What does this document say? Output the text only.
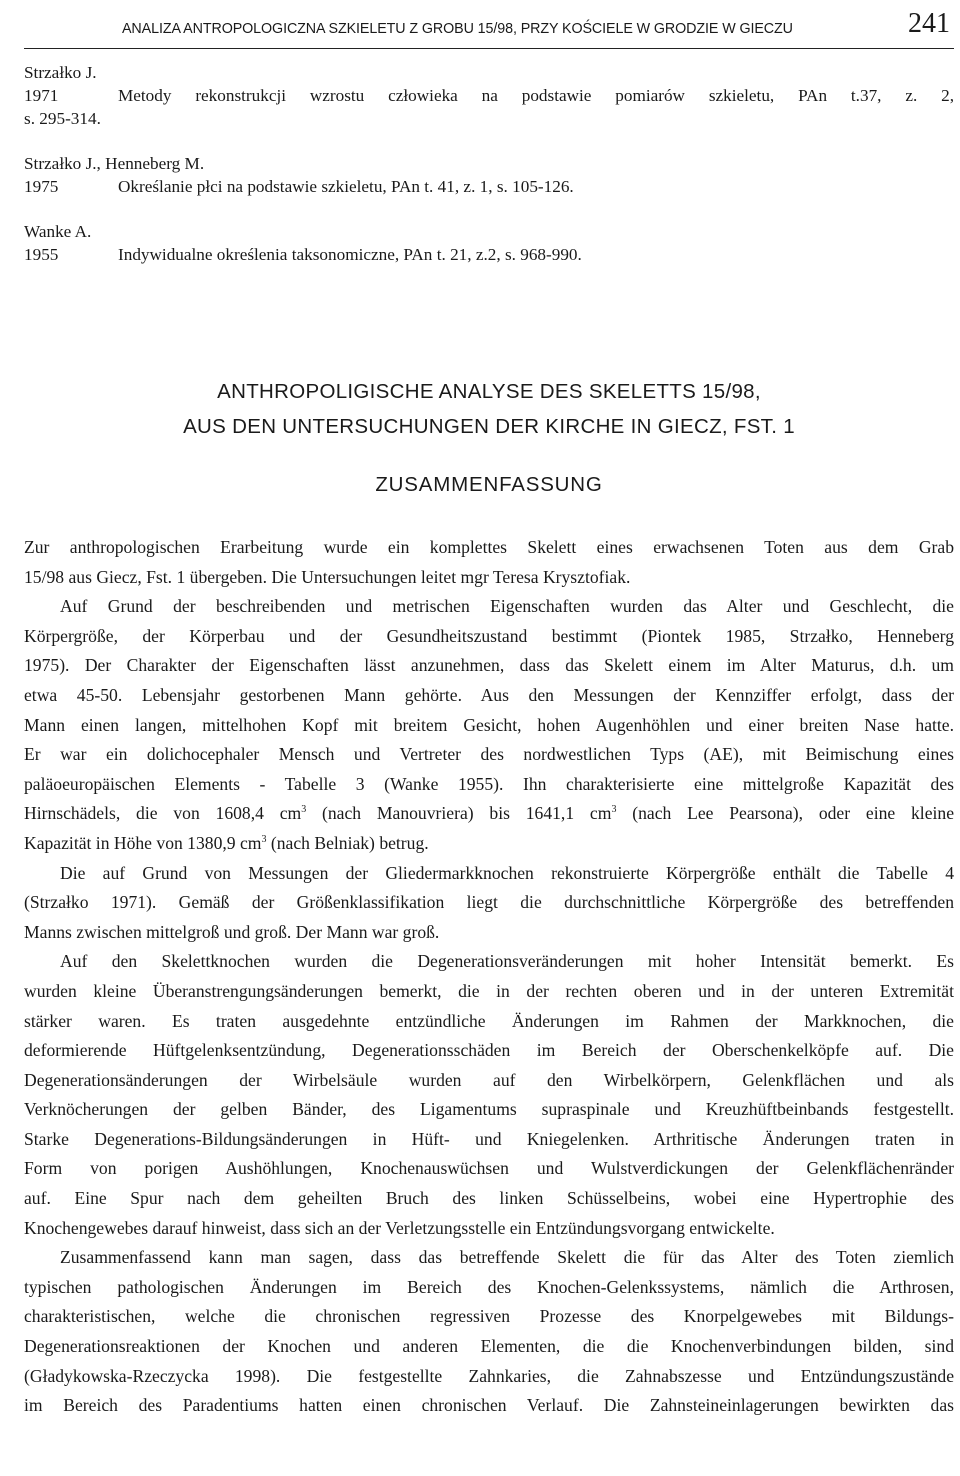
ANALIZA ANTROPOLOGICZNA SZKIELETU Z GROBU 15/98, PRZY KOŚCIELE W GRODZIE W GIECZU	241
Strzałko J.
1971	Metody rekonstrukcji wzrostu człowieka na podstawie pomiarów szkieletu, PAn t.37, z. 2,
s. 295-314.
Strzałko J., Henneberg M.
1975	Określanie płci na podstawie szkieletu, PAn t. 41, z. 1, s. 105-126.
Wanke A.
1955	Indywidualne określenia taksonomiczne, PAn t. 21, z.2, s. 968-990.
ANTHROPOLIGISCHE ANALYSE DES SKELETTS 15/98,
AUS DEN UNTERSUCHUNGEN DER KIRCHE IN GIECZ, FST. 1
ZUSAMMENFASSUNG
Zur anthropologischen Erarbeitung wurde ein komplettes Skelett eines erwachsenen Toten aus dem Grab
15/98 aus Giecz, Fst. 1 übergeben. Die Untersuchungen leitet mgr Teresa Krysztofiak.
Auf Grund der beschreibenden und metrischen Eigenschaften wurden das Alter und Geschlecht, die
Körpergröße, der Körperbau und der Gesundheitszustand bestimmt (Piontek 1985, Strzałko, Henneberg
1975). Der Charakter der Eigenschaften lässt anzunehmen, dass das Skelett einem im Alter Maturus, d.h. um
etwa 45-50. Lebensjahr gestorbenen Mann gehörte. Aus den Messungen der Kennziffer erfolgt, dass der
Mann einen langen, mittelhohen Kopf mit breitem Gesicht, hohen Augenhöhlen und einer breiten Nase hatte.
Er war ein dolichocephaler Mensch und Vertreter des nordwestlichen Typs (AE), mit Beimischung eines
paläoeuropäischen Elements - Tabelle 3 (Wanke 1955). Ihn charakterisierte eine mittelgroße Kapazität des
Hirnschädels, die von 1608,4 $cm^3$ (nach Manouvriera) bis 1641,1 $cm^3$ (nach Lee Pearsona), oder eine kleine
Kapazität in Höhe von 1380,9 $cm^3$ (nach Belniak) betrug.
Die auf Grund von Messungen der Gliedermarkknochen rekonstruierte Körpergröße enthält die Tabelle 4
(Strzałko 1971). Gemäß der Größenklassifikation liegt die durchschnittliche Körpergröße des betreffenden
Manns zwischen mittelgroß und groß. Der Mann war groß.
Auf den Skelettknochen wurden die Degenerationsveränderungen mit hoher Intensität bemerkt. Es
wurden kleine Überanstrengungsänderungen bemerkt, die in der rechten oberen und in der unteren Extremität
stärker waren. Es traten ausgedehnte entzündliche Änderungen im Rahmen der Markknochen, die
deformierende Hüftgelenksentzündung, Degenerationsschäden im Bereich der Oberschenkelköpfe auf. Die
Degenerationsänderungen der Wirbelsäule wurden auf den Wirbelkörpern, Gelenkflächen und als
Verknöcherungen der gelben Bänder, des Ligamentums supraspinale und Kreuzhüftbeinbands festgestellt.
Starke Degenerations-Bildungsänderungen in Hüft- und Kniegelenken. Arthritische Änderungen traten in
Form von porigen Aushöhlungen, Knochenauswüchsen und Wulstverdickungen der Gelenkflächenränder
auf. Eine Spur nach dem geheilten Bruch des linken Schüsselbeins, wobei eine Hypertrophie des
Knochengewebes darauf hinweist, dass sich an der Verletzungsstelle ein Entzündungsvorgang entwickelte.
Zusammenfassend kann man sagen, dass das betreffende Skelett die für das Alter des Toten ziemlich
typischen pathologischen Änderungen im Bereich des Knochen-Gelenkssystems, nämlich die Arthrosen,
charakteristischen, welche die chronischen regressiven Prozesse des Knorpelgewebes mit Bildungs-
Degenerationsreaktionen der Knochen und anderen Elementen, die die Knochenverbindungen bilden, sind
(Gładykowska-Rzeczycka 1998). Die festgestellte Zahnkaries, die Zahnabszesse und Entzündungszustände
im Bereich des Paradentiums hatten einen chronischen Verlauf. Die Zahnsteineinlagerungen bewirkten das
